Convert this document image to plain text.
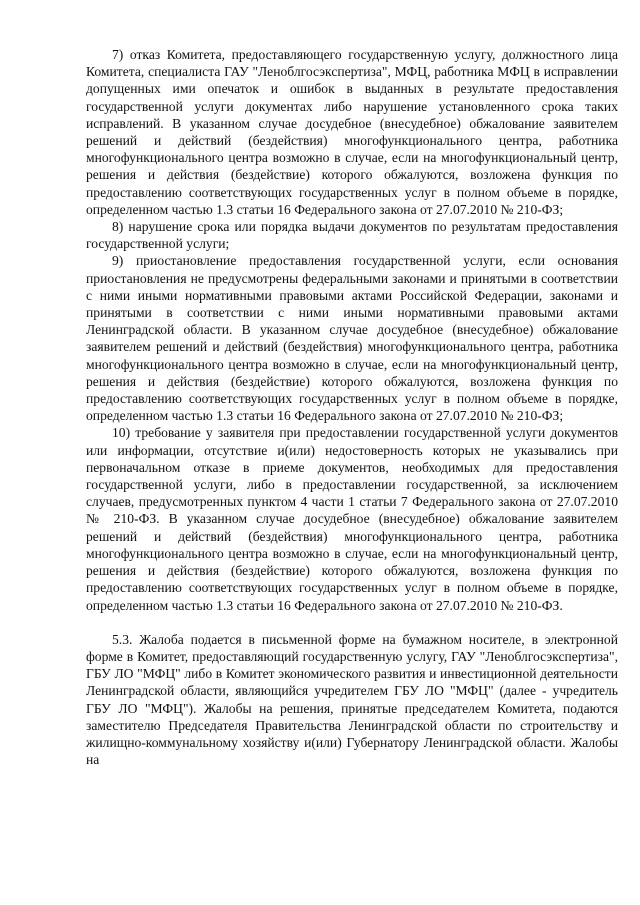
7) отказ Комитета, предоставляющего государственную услугу, должностного лица Комитета, специалиста ГАУ "Леноблгосэкспертиза", МФЦ, работника МФЦ в исправлении допущенных ими опечаток и ошибок в выданных в результате предоставления государственной услуги документах либо нарушение установленного срока таких исправлений. В указанном случае досудебное (внесудебное) обжалование заявителем решений и действий (бездействия) многофункционального центра, работника многофункционального центра возможно в случае, если на многофункциональный центр, решения и действия (бездействие) которого обжалуются, возложена функция по предоставлению соответствующих государственных услуг в полном объеме в порядке, определенном частью 1.3 статьи 16 Федерального закона от 27.07.2010 № 210-ФЗ;

8) нарушение срока или порядка выдачи документов по результатам предоставления государственной услуги;

9) приостановление предоставления государственной услуги, если основания приостановления не предусмотрены федеральными законами и принятыми в соответствии с ними иными нормативными правовыми актами Российской Федерации, законами и принятыми в соответствии с ними иными нормативными правовыми актами Ленинградской области. В указанном случае досудебное (внесудебное) обжалование заявителем решений и действий (бездействия) многофункционального центра, работника многофункционального центра возможно в случае, если на многофункциональный центр, решения и действия (бездействие) которого обжалуются, возложена функция по предоставлению соответствующих государственных услуг в полном объеме в порядке, определенном частью 1.3 статьи 16 Федерального закона от 27.07.2010 № 210-ФЗ;

10) требование у заявителя при предоставлении государственной услуги документов или информации, отсутствие и(или) недостоверность которых не указывались при первоначальном отказе в приеме документов, необходимых для предоставления государственной услуги, либо в предоставлении государственной, за исключением случаев, предусмотренных пунктом 4 части 1 статьи 7 Федерального закона от 27.07.2010 № 210-ФЗ. В указанном случае досудебное (внесудебное) обжалование заявителем решений и действий (бездействия) многофункционального центра, работника многофункционального центра возможно в случае, если на многофункциональный центр, решения и действия (бездействие) которого обжалуются, возложена функция по предоставлению соответствующих государственных услуг в полном объеме в порядке, определенном частью 1.3 статьи 16 Федерального закона от 27.07.2010 № 210-ФЗ.

5.3. Жалоба подается в письменной форме на бумажном носителе, в электронной форме в Комитет, предоставляющий государственную услугу, ГАУ "Леноблгосэкспертиза", ГБУ ЛО "МФЦ" либо в Комитет экономического развития и инвестиционной деятельности Ленинградской области, являющийся учредителем ГБУ ЛО "МФЦ" (далее - учредитель ГБУ ЛО "МФЦ"). Жалобы на решения, принятые председателем Комитета, подаются заместителю Председателя Правительства Ленинградской области по строительству и жилищно-коммунальному хозяйству и(или) Губернатору Ленинградской области. Жалобы на
